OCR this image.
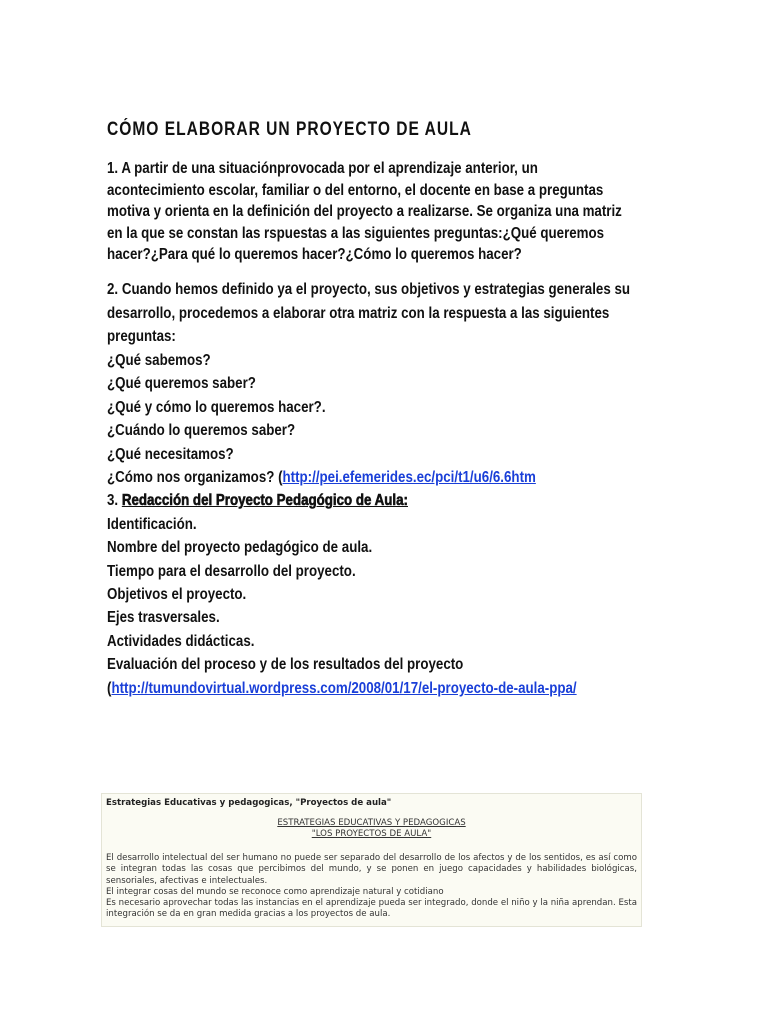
CÓMO ELABORAR UN PROYECTO DE AULA

1. A partir de una situaciónprovocada por el aprendizaje anterior, un
acontecimiento escolar, familiar o del entorno, el docente en base a preguntas
motiva y orienta en la definición del proyecto a realizarse. Se organiza una matriz
en la que se constan las rspuestas a las siguientes preguntas:¿Qué queremos
hacer?¿Para qué lo queremos hacer?¿Cómo lo queremos hacer?

2. Cuando hemos definido ya el proyecto, sus objetivos y estrategias generales su
desarrollo, procedemos a elaborar otra matriz con la respuesta a las siguientes
preguntas:

¿Qué sabemos?
¿Qué queremos saber?
¿Qué y cómo lo queremos hacer?.
¿Cuándo lo queremos saber?
¿Qué necesitamos?
¿Cómo nos organizamos? (http://pei.efemerides.ec/pci/t1/u6/6.6htm
3. Redacción del Proyecto Pedagógico de Aula:
Identificación.
Nombre del proyecto pedagógico de aula.
Tiempo para el desarrollo del proyecto.
Objetivos el proyecto.
Ejes trasversales.
Actividades didácticas.
Evaluación del proceso y de los resultados del proyecto
(http://tumundovirtual.wordpress.com/2008/01/17/el-proyecto-de-aula-ppa/
Estrategias Educativas y pedagogicas, "Proyectos de aula"
ESTRATEGIAS EDUCATIVAS Y PEDAGOGICAS
"LOS PROYECTOS DE AULA"
El desarrollo intelectual del ser humano no puede ser separado del desarrollo de los afectos y de los sentidos, es así como se integran todas las cosas que percibimos del mundo, y se ponen en juego capacidades y habilidades biológicas, sensoriales, afectivas e intelectuales.
El integrar cosas del mundo se reconoce como aprendizaje natural y cotidiano
Es necesario aprovechar todas las instancias en el aprendizaje pueda ser integrado, donde el niño y la niña aprendan. Esta integración se da en gran medida gracias a los proyectos de aula.
